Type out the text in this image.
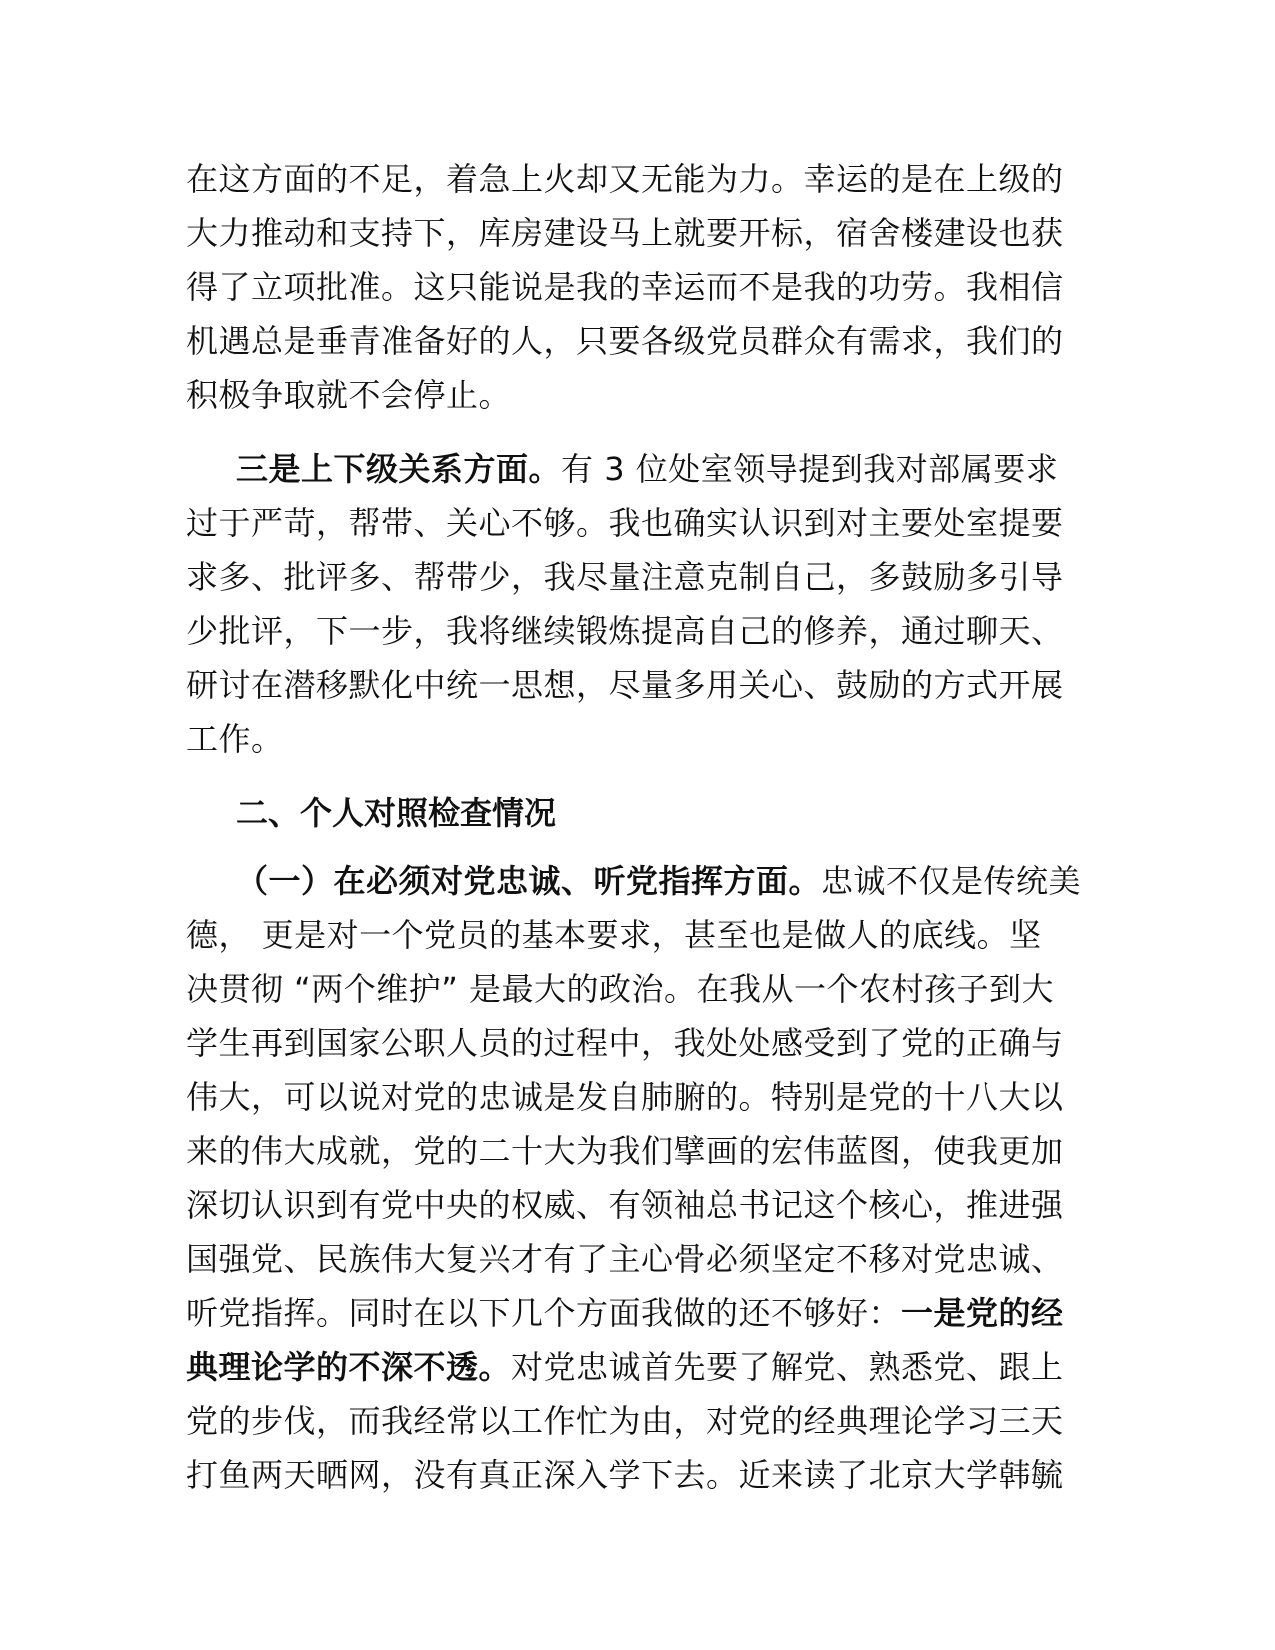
在这方面的不足，着急上火却又无能为力。幸运的是在上级的
大力推动和支持下，库房建设马上就要开标，宿舍楼建设也获
得了立项批准。这只能说是我的幸运而不是我的功劳。我相信
机遇总是垂青准备好的人，只要各级党员群众有需求，我们的
积极争取就不会停止。
三是上下级关系方面。有 3 位处室领导提到我对部属要求
过于严苛，帮带、关心不够。我也确实认识到对主要处室提要
求多、批评多、帮带少，我尽量注意克制自己，多鼓励多引导
少批评，下一步，我将继续锻炼提高自己的修养，通过聊天、
研讨在潜移默化中统一思想，尽量多用关心、鼓励的方式开展
工作。
二、个人对照检查情况
（一）在必须对党忠诚、听党指挥方面。忠诚不仅是传统美
德， 更是对一个党员的基本要求，甚至也是做人的底线。坚
决贯彻 “两个维护” 是最大的政治。在我从一个农村孩子到大
学生再到国家公职人员的过程中，我处处感受到了党的正确与
伟大，可以说对党的忠诚是发自肺腑的。特别是党的十八大以
来的伟大成就，党的二十大为我们擘画的宏伟蓝图，使我更加
深切认识到有党中央的权威、有领袖总书记这个核心，推进强
国强党、民族伟大复兴才有了主心骨必须坚定不移对党忠诚、
听党指挥。同时在以下几个方面我做的还不够好：一是党的经
典理论学的不深不透。对党忠诚首先要了解党、熟悉党、跟上
党的步伐，而我经常以工作忙为由，对党的经典理论学习三天
打鱼两天晒网，没有真正深入学下去。近来读了北京大学韩毓
